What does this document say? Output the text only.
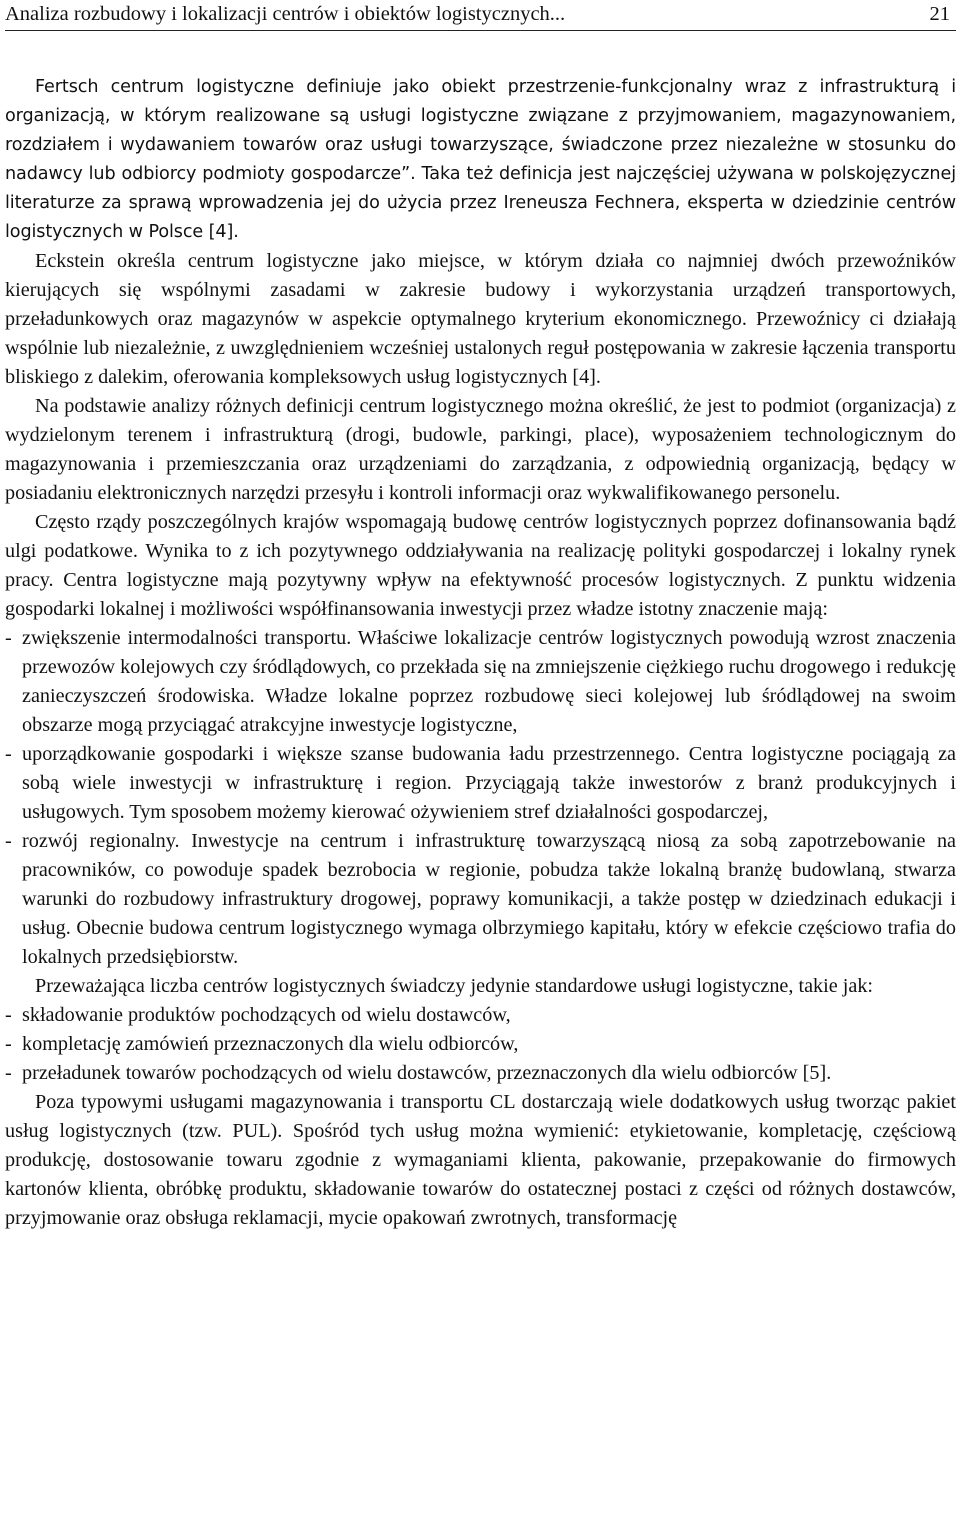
Analiza rozbudowy i lokalizacji centrów i obiektów logistycznych...	21

Fertsch centrum logistyczne definiuje jako obiekt przestrzenie-funkcjonalny wraz z infrastrukturą i organizacją, w którym realizowane są usługi logistyczne związane z przyjmowaniem, magazynowaniem, rozdziałem i wydawaniem towarów oraz usługi towarzyszące, świadczone przez niezależne w stosunku do nadawcy lub odbiorcy podmioty gospodarcze”. Taka też definicja jest najczęściej używana w polskojęzycznej literaturze za sprawą wprowadzenia jej do użycia przez Ireneusza Fechnera, eksperta w dziedzinie centrów logistycznych w Polsce [4].

Eckstein określa centrum logistyczne jako miejsce, w którym działa co najmniej dwóch przewoźników kierujących się wspólnymi zasadami w zakresie budowy i wykorzystania urządzeń transportowych, przeładunkowych oraz magazynów w aspekcie optymalnego kryterium ekonomicznego. Przewoźnicy ci działają wspólnie lub niezależnie, z uwzględnieniem wcześniej ustalonych reguł postępowania w zakresie łączenia transportu bliskiego z dalekim, oferowania kompleksowych usług logistycznych [4].

Na podstawie analizy różnych definicji centrum logistycznego można określić, że jest to podmiot (organizacja) z wydzielonym terenem i infrastrukturą (drogi, budowle, parkingi, place), wyposażeniem technologicznym do magazynowania i przemieszczania oraz urządzeniami do zarządzania, z odpowiednią organizacją, będący w posiadaniu elektronicznych narzędzi przesyłu i kontroli informacji oraz wykwalifikowanego personelu.

Często rządy poszczególnych krajów wspomagają budowę centrów logistycznych poprzez dofinansowania bądź ulgi podatkowe. Wynika to z ich pozytywnego oddziaływania na realizację polityki gospodarczej i lokalny rynek pracy. Centra logistyczne mają pozytywny wpływ na efektywność procesów logistycznych. Z punktu widzenia gospodarki lokalnej i możliwości współfinansowania inwestycji przez władze istotny znaczenie mają:

- zwiększenie intermodalności transportu. Właściwe lokalizacje centrów logistycznych powodują wzrost znaczenia przewozów kolejowych czy śródlądowych, co przekłada się na zmniejszenie ciężkiego ruchu drogowego i redukcję zanieczyszczeń środowiska. Władze lokalne poprzez rozbudowę sieci kolejowej lub śródlądowej na swoim obszarze mogą przyciągać atrakcyjne inwestycje logistyczne,
- uporządkowanie gospodarki i większe szanse budowania ładu przestrzennego. Centra logistyczne pociągają za sobą wiele inwestycji w infrastrukturę i region. Przyciągają także inwestorów z branż produkcyjnych i usługowych. Tym sposobem możemy kierować ożywieniem stref działalności gospodarczej,
- rozwój regionalny. Inwestycje na centrum i infrastrukturę towarzyszącą niosą za sobą zapotrzebowanie na pracowników, co powoduje spadek bezrobocia w regionie, pobudza także lokalną branżę budowlaną, stwarza warunki do rozbudowy infrastruktury drogowej, poprawy komunikacji, a także postęp w dziedzinach edukacji i usług. Obecnie budowa centrum logistycznego wymaga olbrzymiego kapitału, który w efekcie częściowo trafia do lokalnych przedsiębiorstw.

Przeważająca liczba centrów logistycznych świadczy jedynie standardowe usługi logistyczne, takie jak:

- składowanie produktów pochodzących od wielu dostawców,
- kompletację zamówień przeznaczonych dla wielu odbiorców,
- przeładunek towarów pochodzących od wielu dostawców, przeznaczonych dla wielu odbiorców [5].

Poza typowymi usługami magazynowania i transportu CL dostarczają wiele dodatkowych usług tworząc pakiet usług logistycznych (tzw. PUL). Spośród tych usług można wymienić: etykietowanie, kompletację, częściową produkcję, dostosowanie towaru zgodnie z wymaganiami klienta, pakowanie, przepakowanie do firmowych kartonów klienta, obróbkę produktu, składowanie towarów do ostatecznej postaci z części od różnych dostawców, przyjmowanie oraz obsługa reklamacji, mycie opakowań zwrotnych, transformację
